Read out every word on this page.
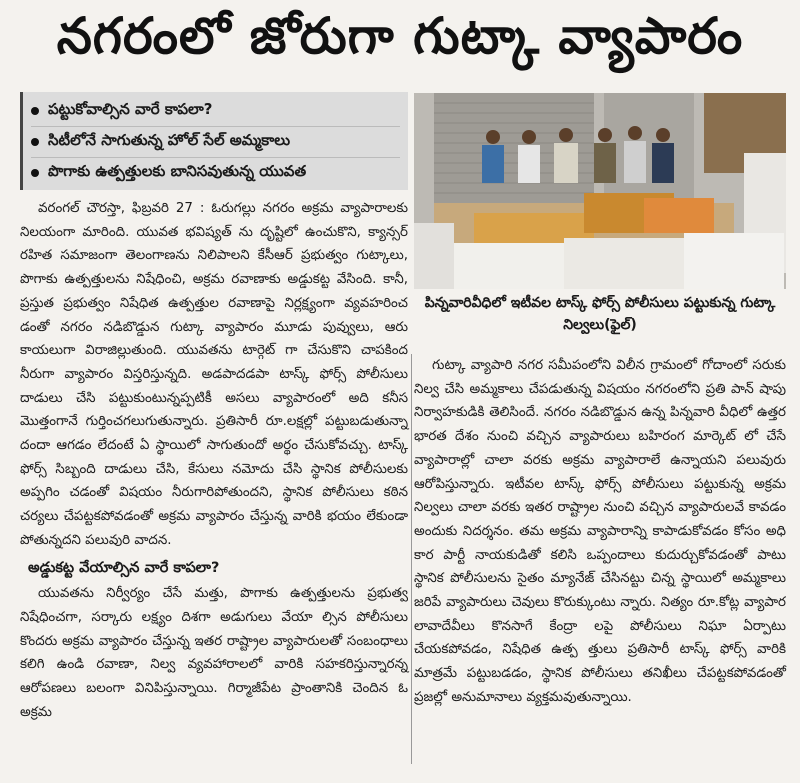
నగరంలో జోరుగా గుట్కా వ్యాపారం
పట్టుకోవాల్సిన వారే కాపలా?
సిటీలోనే సాగుతున్న హోల్ సేల్ అమ్మకాలు
పొగాకు ఉత్పత్తులకు బానిసవుతున్న యువత

వరంగల్ చౌరస్తా, ఫిబ్రవరి 27 : ఓరుగల్లు నగరం అక్రమ వ్యాపారాలకు నిలయంగా మారింది. యువత భవిష్యత్ ను దృష్టిలో ఉంచుకొని, క్యాన్సర్ రహిత సమాజంగా తెలంగాణను నిలిపాలని కేసీఆర్ ప్రభుత్వం గుట్కాలు, పొగాకు ఉత్పత్తులను నిషేధించి, అక్రమ రవాణాకు అడ్డుకట్ట వేసింది. కానీ, ప్రస్తుత ప్రభుత్వం నిషేధిత ఉత్పత్తుల రవాణాపై నిర్లక్ష్యంగా వ్యవహరించ డంతో నగరం నడిబొడ్డున గుట్కా వ్యాపారం మూడు పువ్వులు, ఆరు కాయలుగా విరాజిల్లుతుంది. యువతను టార్గెట్ గా చేసుకొని చాపకింద నీరుగా వ్యాపారం విస్తరిస్తున్నది. అడపాదడపా టాస్క్ ఫోర్స్ పోలీసులు దాడులు చేసి పట్టుకుంటున్నప్పటికీ అసలు వ్యాపారంలో అది కనీస మొత్తంగానే గుర్తించగలుగుతున్నారు. ప్రతిసారీ రూ.లక్షల్లో పట్టుబడుతున్నా దందా ఆగడం లేదంటే ఏ స్థాయిలో సాగుతుందో అర్థం చేసుకోవచ్చు. టాస్క్ ఫోర్స్ సిబ్బంది దాడులు చేసి, కేసులు నమోదు చేసి స్థానిక పోలీసులకు అప్పగిం చడంతో విషయం నీరుగారిపోతుందని, స్థానిక పోలీసులు కఠిన చర్యలు చేపట్టకపోవడంతో అక్రమ వ్యాపారం చేస్తున్న వారికి భయం లేకుండా పోతున్నదని పలువురి వాదన.

అడ్డుకట్ట వేయాల్సిన వారే కాపలా?

యువతను నిర్వీర్యం చేసే మత్తు, పొగాకు ఉత్పత్తులను ప్రభుత్వ నిషేధించగా, సర్కారు లక్ష్యం దిశగా అడుగులు వేయా ల్సిన పోలీసులు కొందరు అక్రమ వ్యాపారం చేస్తున్న ఇతర రాష్ట్రాల వ్యాపారులతో సంబంధాలు కలిగి ఉండి రవాణా, నిల్వ వ్యవహారాలలో వారికి సహకరిస్తున్నారన్న ఆరోపణలు బలంగా వినిపిస్తున్నాయి. గిర్మాజీపేట ప్రాంతానికి చెందిన ఓ అక్రమ

పిన్నవారివీధిలో ఇటీవల టాస్క్ ఫోర్స్ పోలీసులు పట్టుకున్న గుట్కా నిల్వలు(ఫైల్)

గుట్కా వ్యాపారి నగర సమీపంలోని విలీన గ్రామంలో గోదాంలో సరుకు నిల్వ చేసి అమ్మకాలు చేపడుతున్న విషయం నగరంలోని ప్రతి పాన్ షాపు నిర్వాహకుడికి తెలిసిందే. నగరం నడిబొడ్డున ఉన్న పిన్నవారి వీధిలో ఉత్తర భారత దేశం నుంచి వచ్చిన వ్యాపారులు బహిరంగ మార్కెట్ లో చేసే వ్యాపారాల్లో చాలా వరకు అక్రమ వ్యాపారాలే ఉన్నాయని పలువురు ఆరోపిస్తున్నారు. ఇటీవల టాస్క్ ఫోర్స్ పోలీసులు పట్టుకున్న అక్రమ నిల్వలు చాలా వరకు ఇతర రాష్ట్రాల నుంచి వచ్చిన వ్యాపారులవే కావడం అందుకు నిదర్శనం. తమ అక్రమ వ్యాపారాన్ని కాపాడుకోవడం కోసం అధి కార పార్టీ నాయకుడితో కలిసి ఒప్పందాలు కుదుర్చుకోవడంతో పాటు స్థానిక పోలీసులను సైతం మ్యానేజ్ చేసినట్టు చిన్న స్థాయిలో అమ్మకాలు జరిపే వ్యాపారులు చెవులు కొరుక్కుంటు న్నారు. నిత్యం రూ.కోట్ల వ్యాపార లావాదేవీలు కొనసాగే కేంద్రా లపై పోలీసులు నిఘా ఏర్పాటు చేయకపోవడం, నిషేధిత ఉత్ప త్తులు ప్రతిసారీ టాస్క్ ఫోర్స్ వారికి మాత్రమే పట్టుబడడం, స్థానిక పోలీసులు తనిఖీలు చేపట్టకపోవడంతో ప్రజల్లో అనుమానాలు వ్యక్తమవుతున్నాయి.
